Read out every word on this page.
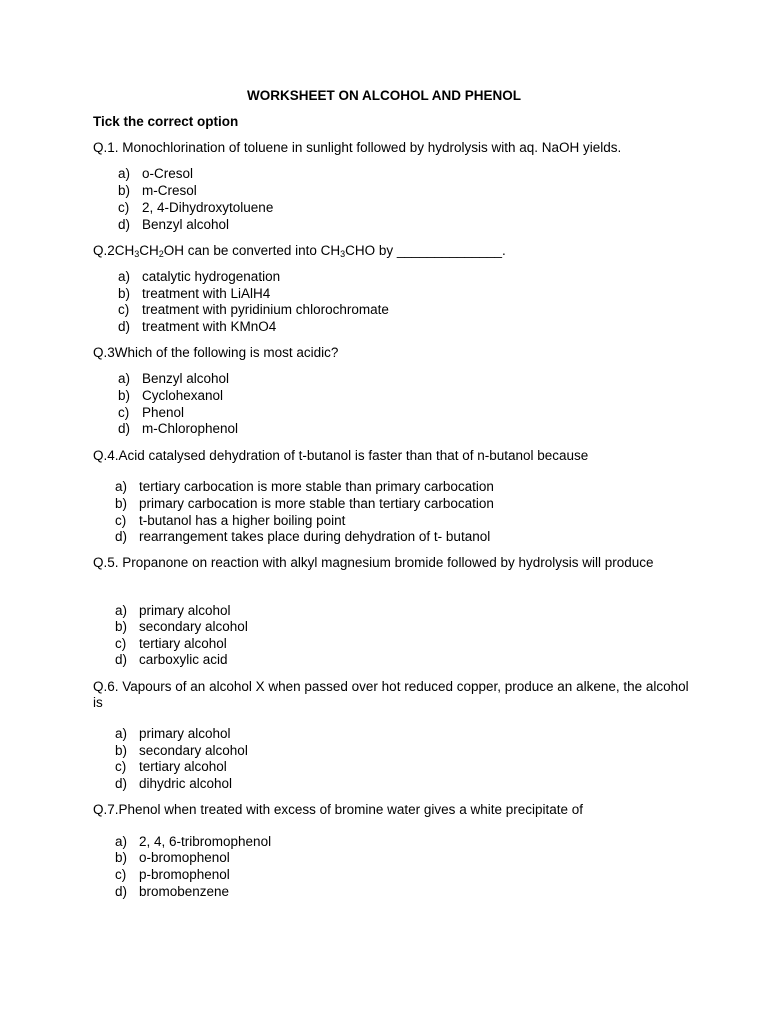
WORKSHEET ON ALCOHOL AND PHENOL
Tick the correct option
Q.1. Monochlorination of toluene in sunlight followed by hydrolysis with aq. NaOH yields.
a) o-Cresol
b) m-Cresol
c) 2, 4-Dihydroxytoluene
d) Benzyl alcohol
$Q.2CH_3CH_2OH$ can be converted into $CH_3CHO$ by ______________.
a) catalytic hydrogenation
b) treatment with LiAlH4
c) treatment with pyridinium chlorochromate
d) treatment with KMnO4
Q.3Which of the following is most acidic?
a) Benzyl alcohol
b) Cyclohexanol
c) Phenol
d) m-Chlorophenol
Q.4.Acid catalysed dehydration of t-butanol is faster than that of n-butanol because
a) tertiary carbocation is more stable than primary carbocation
b) primary carbocation is more stable than tertiary carbocation
c) t-butanol has a higher boiling point
d) rearrangement takes place during dehydration of t- butanol
Q.5. Propanone on reaction with alkyl magnesium bromide followed by hydrolysis will produce
a) primary alcohol
b) secondary alcohol
c) tertiary alcohol
d) carboxylic acid
Q.6. Vapours of an alcohol X when passed over hot reduced copper, produce an alkene, the alcohol is
a) primary alcohol
b) secondary alcohol
c) tertiary alcohol
d) dihydric alcohol
Q.7.Phenol when treated with excess of bromine water gives a white precipitate of
a) 2, 4, 6-tribromophenol
b) o-bromophenol
c) p-bromophenol
d) bromobenzene
